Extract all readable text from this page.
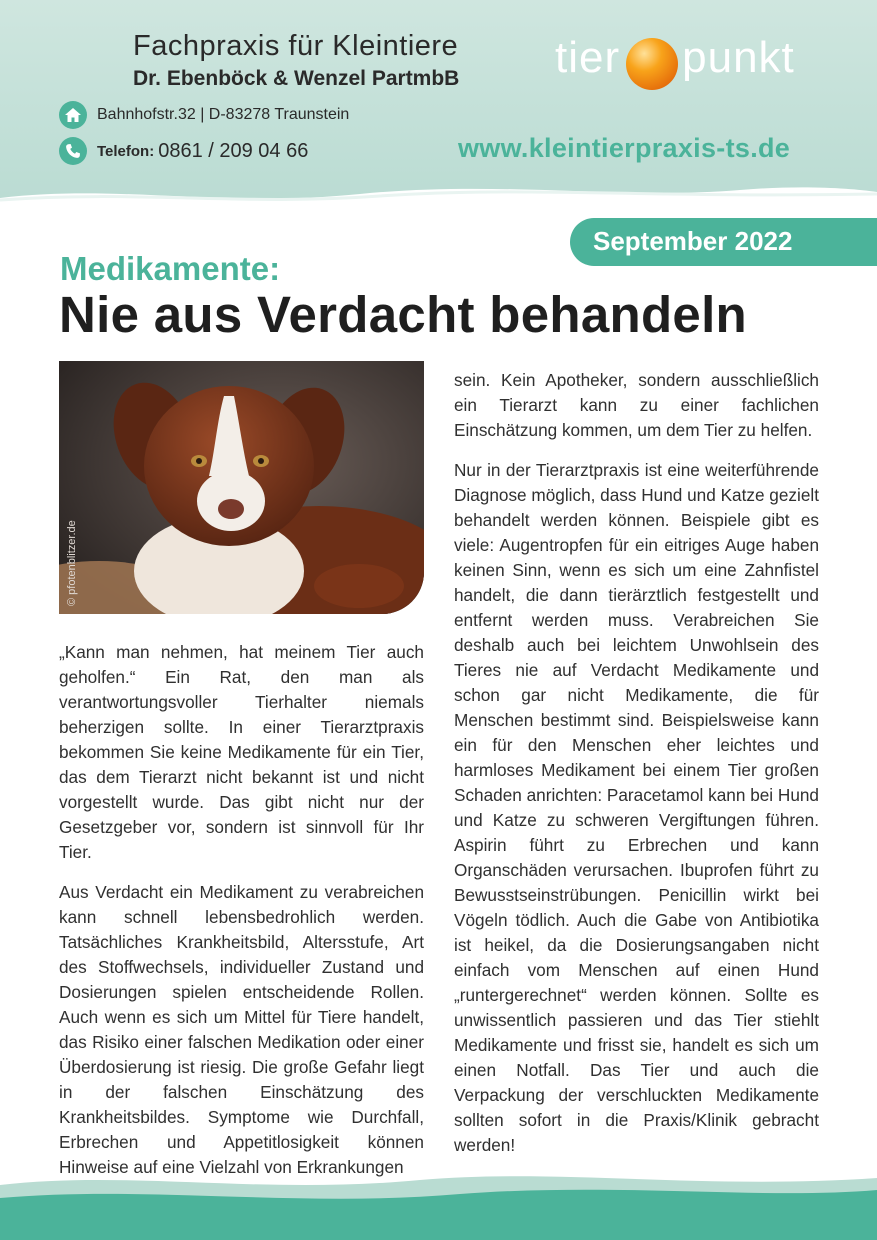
Fachpraxis für Kleintiere
Dr. Ebenböck & Wenzel PartmbB	tier punkt
Bahnhofstr.32 | D-83278 Traunstein
Telefon: 0861 / 209 04 66	www.kleintierpraxis-ts.de
September 2022
Medikamente:
Nie aus Verdacht behandeln
© pfotenblitzer.de

„Kann man nehmen, hat meinem Tier auch geholfen.“ Ein Rat, den man als verantwortungsvoller Tierhalter niemals beherzigen sollte. In einer Tierarztpraxis bekommen Sie keine Medikamente für ein Tier, das dem Tierarzt nicht bekannt ist und nicht vorgestellt wurde. Das gibt nicht nur der Gesetzgeber vor, sondern ist sinnvoll für Ihr Tier.

Aus Verdacht ein Medikament zu verabreichen kann schnell lebensbedrohlich werden. Tatsächliches Krankheitsbild, Altersstufe, Art des Stoffwechsels, individueller Zustand und Dosierungen spielen entscheidende Rollen. Auch wenn es sich um Mittel für Tiere handelt, das Risiko einer falschen Medikation oder einer Überdosierung ist riesig. Die große Gefahr liegt in der falschen Einschätzung des Krankheitsbildes. Symptome wie Durchfall, Erbrechen und Appetitlosigkeit können Hinweise auf eine Vielzahl von Erkrankungen

sein. Kein Apotheker, sondern ausschließlich ein Tierarzt kann zu einer fachlichen Einschätzung kommen, um dem Tier zu helfen.

Nur in der Tierarztpraxis ist eine weiterführende Diagnose möglich, dass Hund und Katze gezielt behandelt werden können. Beispiele gibt es viele: Augentropfen für ein eitriges Auge haben keinen Sinn, wenn es sich um eine Zahnfistel handelt, die dann tierärztlich festgestellt und entfernt werden muss. Verabreichen Sie deshalb auch bei leichtem Unwohlsein des Tieres nie auf Verdacht Medikamente und schon gar nicht Medikamente, die für Menschen bestimmt sind. Beispielsweise kann ein für den Menschen eher leichtes und harmloses Medikament bei einem Tier großen Schaden anrichten: Paracetamol kann bei Hund und Katze zu schweren Vergiftungen führen. Aspirin führt zu Erbrechen und kann Organschäden verursachen. Ibuprofen führt zu Bewusstseinstrübungen. Penicillin wirkt bei Vögeln tödlich. Auch die Gabe von Antibiotika ist heikel, da die Dosierungsangaben nicht einfach vom Menschen auf einen Hund „runtergerechnet“ werden können. Sollte es unwissentlich passieren und das Tier stiehlt Medikamente und frisst sie, handelt es sich um einen Notfall. Das Tier und auch die Verpackung der verschluckten Medikamente sollten sofort in die Praxis/Klinik gebracht werden!
